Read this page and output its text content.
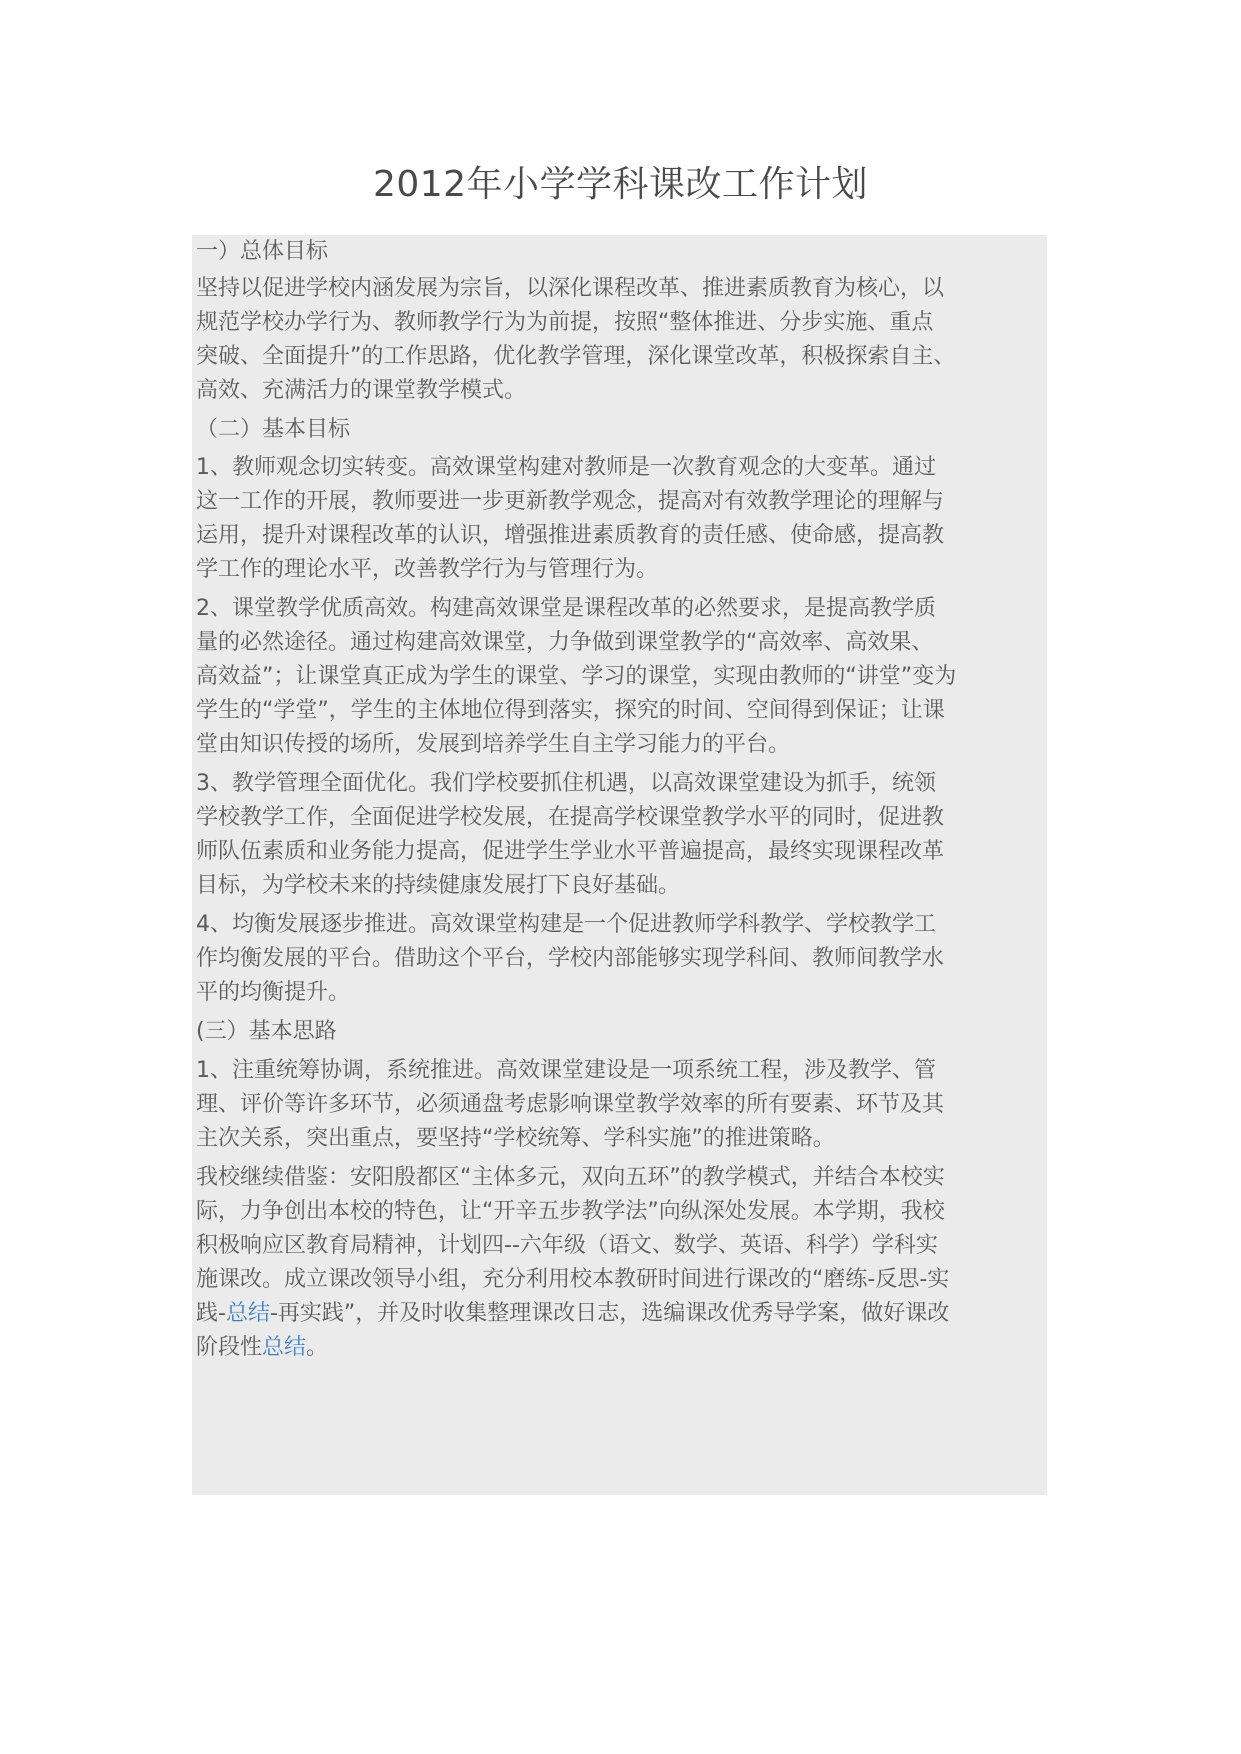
2012年小学学科课改工作计划
一）总体目标
坚持以促进学校内涵发展为宗旨，以深化课程改革、推进素质教育为核心，以
规范学校办学行为、教师教学行为为前提，按照“整体推进、分步实施、重点
突破、全面提升”的工作思路，优化教学管理，深化课堂改革，积极探索自主、
高效、充满活力的课堂教学模式。
（二）基本目标
1、教师观念切实转变。高效课堂构建对教师是一次教育观念的大变革。通过
这一工作的开展，教师要进一步更新教学观念，提高对有效教学理论的理解与
运用，提升对课程改革的认识，增强推进素质教育的责任感、使命感，提高教
学工作的理论水平，改善教学行为与管理行为。
2、课堂教学优质高效。构建高效课堂是课程改革的必然要求，是提高教学质
量的必然途径。通过构建高效课堂，力争做到课堂教学的“高效率、高效果、
高效益”；让课堂真正成为学生的课堂、学习的课堂，实现由教师的“讲堂”变为
学生的“学堂”，学生的主体地位得到落实，探究的时间、空间得到保证；让课
堂由知识传授的场所，发展到培养学生自主学习能力的平台。
3、教学管理全面优化。我们学校要抓住机遇，以高效课堂建设为抓手，统领
学校教学工作，全面促进学校发展，在提高学校课堂教学水平的同时，促进教
师队伍素质和业务能力提高，促进学生学业水平普遍提高，最终实现课程改革
目标，为学校未来的持续健康发展打下良好基础。
4、均衡发展逐步推进。高效课堂构建是一个促进教师学科教学、学校教学工
作均衡发展的平台。借助这个平台，学校内部能够实现学科间、教师间教学水
平的均衡提升。
(三）基本思路
1、注重统筹协调，系统推进。高效课堂建设是一项系统工程，涉及教学、管
理、评价等许多环节，必须通盘考虑影响课堂教学效率的所有要素、环节及其
主次关系，突出重点，要坚持“学校统筹、学科实施”的推进策略。
我校继续借鉴：安阳殷都区“主体多元，双向五环”的教学模式，并结合本校实
际，力争创出本校的特色，让“开辛五步教学法”向纵深处发展。本学期，我校
积极响应区教育局精神，计划四--六年级（语文、数学、英语、科学）学科实
施课改。成立课改领导小组，充分利用校本教研时间进行课改的“磨练-反思-实
践-总结-再实践”，并及时收集整理课改日志，选编课改优秀导学案，做好课改
阶段性总结。
